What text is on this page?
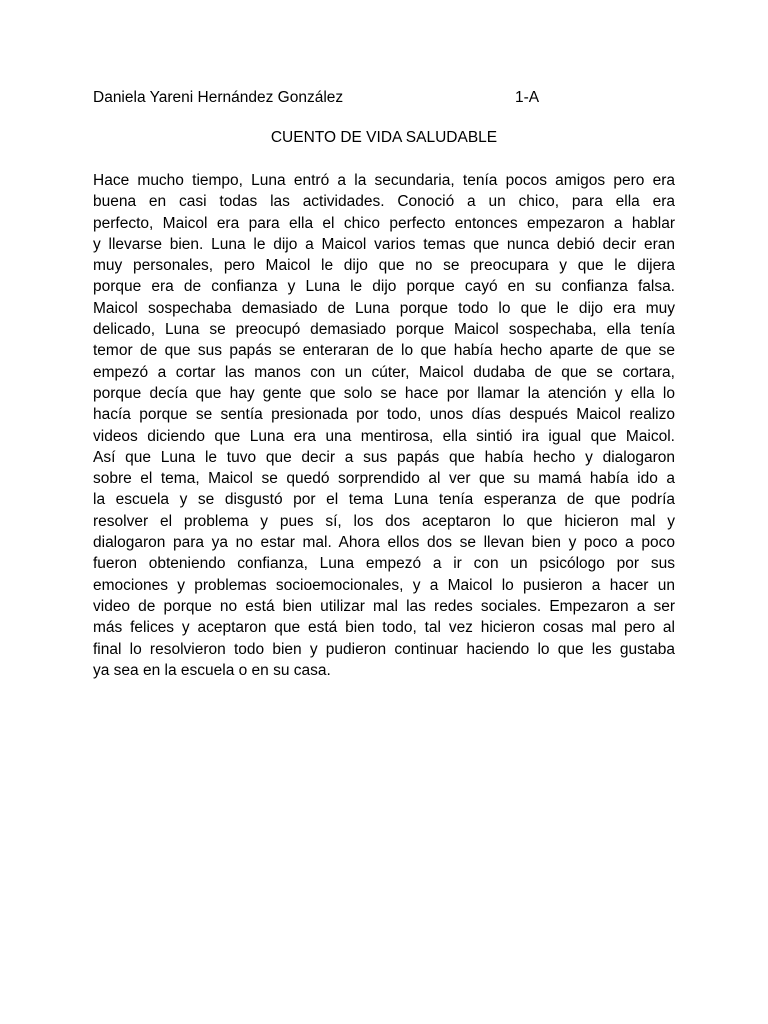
Daniela Yareni Hernández González	1-A
CUENTO DE VIDA SALUDABLE
Hace mucho tiempo, Luna entró a la secundaria, tenía pocos amigos pero era
buena en casi todas las actividades. Conoció a un chico, para ella era
perfecto, Maicol era para ella el chico perfecto entonces empezaron a hablar
y llevarse bien. Luna le dijo a Maicol varios temas que nunca debió decir eran
muy personales, pero Maicol le dijo que no se preocupara y que le dijera
porque era de confianza y Luna le dijo porque cayó en su confianza falsa.
Maicol sospechaba demasiado de Luna porque todo lo que le dijo era muy
delicado, Luna se preocupó demasiado porque Maicol sospechaba, ella tenía
temor de que sus papás se enteraran de lo que había hecho aparte de que se
empezó a cortar las manos con un cúter, Maicol dudaba de que se cortara,
porque decía que hay gente que solo se hace por llamar la atención y ella lo
hacía porque se sentía presionada por todo, unos días después Maicol realizo
videos diciendo que Luna era una mentirosa, ella sintió ira igual que Maicol.
Así que Luna le tuvo que decir a sus papás que había hecho y dialogaron
sobre el tema, Maicol se quedó sorprendido al ver que su mamá había ido a
la escuela y se disgustó por el tema Luna tenía esperanza de que podría
resolver el problema y pues sí, los dos aceptaron lo que hicieron mal y
dialogaron para ya no estar mal. Ahora ellos dos se llevan bien y poco a poco
fueron obteniendo confianza, Luna empezó a ir con un psicólogo por sus
emociones y problemas socioemocionales, y a Maicol lo pusieron a hacer un
video de porque no está bien utilizar mal las redes sociales. Empezaron a ser
más felices y aceptaron que está bien todo, tal vez hicieron cosas mal pero al
final lo resolvieron todo bien y pudieron continuar haciendo lo que les gustaba
ya sea en la escuela o en su casa.
